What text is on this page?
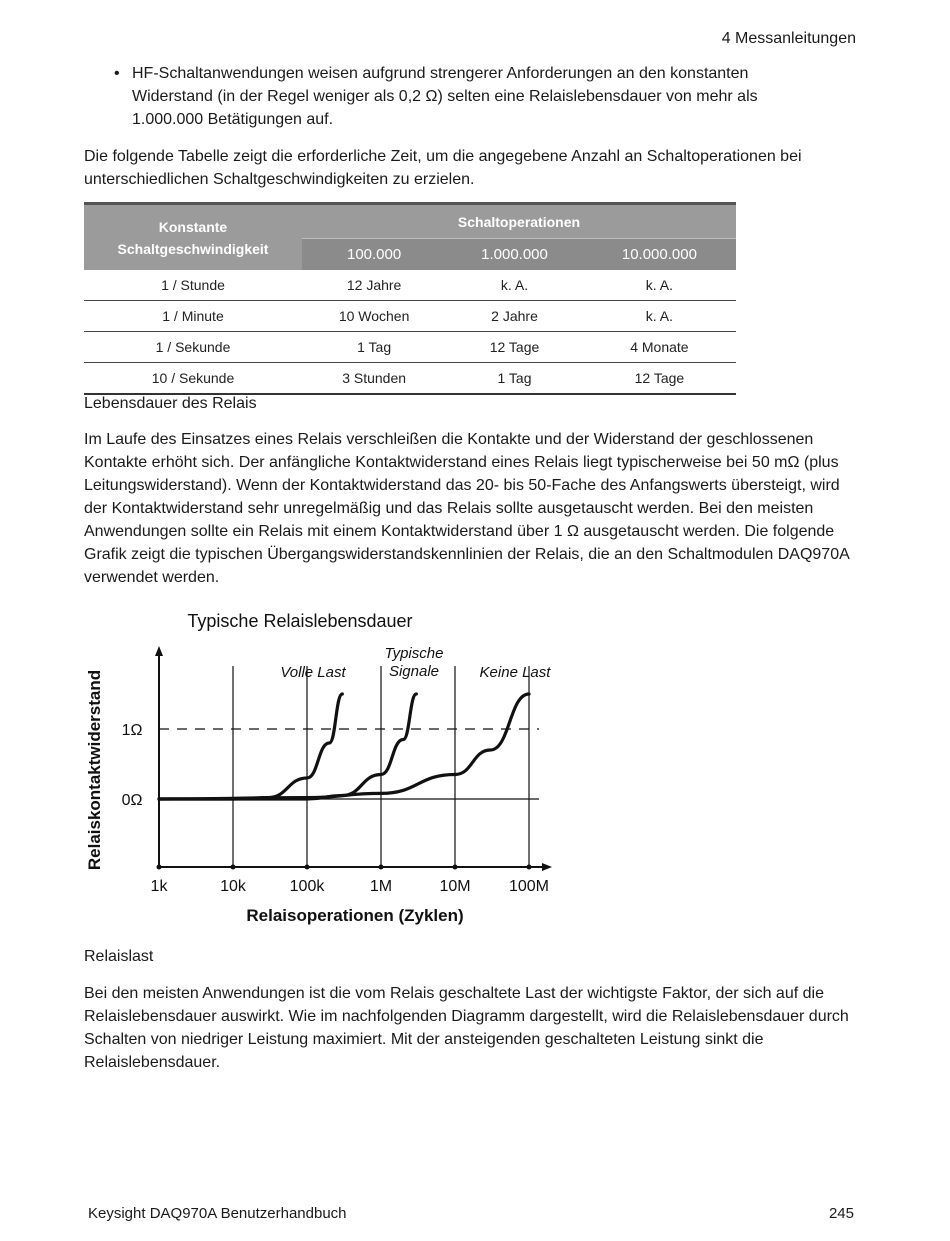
4 Messanleitungen
• HF-Schaltanwendungen weisen aufgrund strengerer Anforderungen an den konstanten Widerstand (in der Regel weniger als 0,2 Ω) selten eine Relaislebensdauer von mehr als 1.000.000 Betätigungen auf.
Die folgende Tabelle zeigt die erforderliche Zeit, um die angegebene Anzahl an Schaltoperationen bei unterschiedlichen Schaltgeschwindigkeiten zu erzielen.
Konstante Schaltgeschwindigkeit	Schaltoperationen		
	100.000	1.000.000	10.000.000
1 / Stunde	12 Jahre	k. A.	k. A.
1 / Minute	10 Wochen	2 Jahre	k. A.
1 / Sekunde	1 Tag	12 Tage	4 Monate
10 / Sekunde	3 Stunden	1 Tag	12 Tage
Lebensdauer des Relais
Im Laufe des Einsatzes eines Relais verschleißen die Kontakte und der Widerstand der geschlossenen Kontakte erhöht sich. Der anfängliche Kontaktwiderstand eines Relais liegt typischerweise bei 50 mΩ (plus Leitungswiderstand). Wenn der Kontaktwiderstand das 20- bis 50-Fache des Anfangswerts übersteigt, wird der Kontaktwiderstand sehr unregelmäßig und das Relais sollte ausgetauscht werden. Bei den meisten Anwendungen sollte ein Relais mit einem Kontaktwiderstand über 1 Ω ausgetauscht werden. Die folgende Grafik zeigt die typischen Übergangswiderstandskennlinien der Relais, die an den Schaltmodulen DAQ970A verwendet werden.
Typische Relaislebensdauer
Relaisoperationen (Zyklen)
Relaiskontaktwiderstand
1k	10k	100k	1M	10M 100M
0Ω
1Ω
Volle Last
Typische Signale	Keine Last
Relaislast
Bei den meisten Anwendungen ist die vom Relais geschaltete Last der wichtigste Faktor, der sich auf die Relaislebensdauer auswirkt. Wie im nachfolgenden Diagramm dargestellt, wird die Relaislebensdauer durch Schalten von niedriger Leistung maximiert. Mit der ansteigenden geschalteten Leistung sinkt die Relaislebensdauer.
Keysight DAQ970A Benutzerhandbuch	245
